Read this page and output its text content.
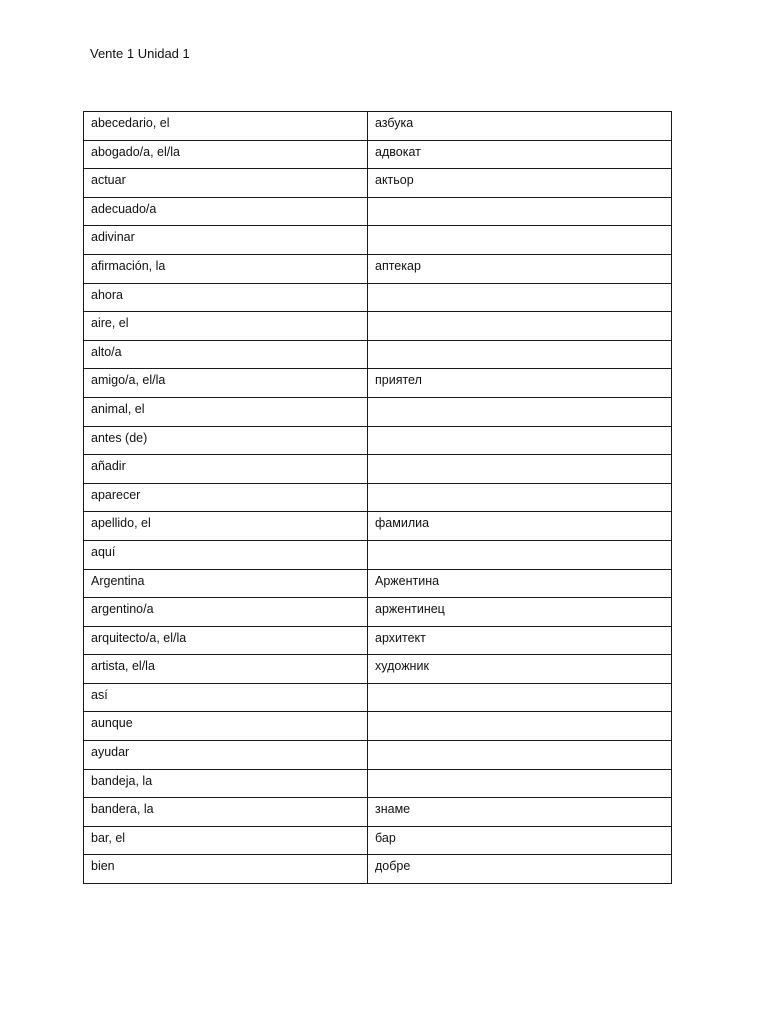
Vente 1 Unidad 1
abecedario, el	азбука
abogado/a, el/la	адвокат
actuar	актьор
adecuado/a	
adivinar	
afirmación, la	аптекар
ahora	
aire, el	
alto/a	
amigo/a, el/la	приятел
animal, el	
antes (de)	
añadir	
aparecer	
apellido, el	фамилиа
aquí	
Argentina	Аржентина
argentino/a	аржентинец
arquitecto/a, el/la	архитект
artista, el/la	художник
así	
aunque	
ayudar	
bandeja, la	
bandera, la	знаме
bar, el	бар
bien	добре
